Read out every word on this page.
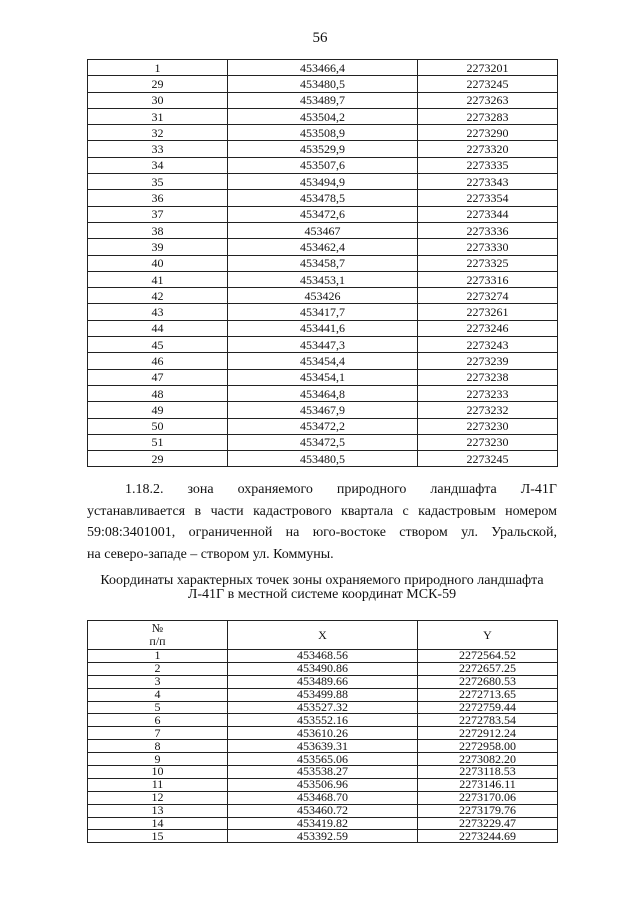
56
1	453466,4	2273201
29	453480,5	2273245
30	453489,7	2273263
31	453504,2	2273283
32	453508,9	2273290
33	453529,9	2273320
34	453507,6	2273335
35	453494,9	2273343
36	453478,5	2273354
37	453472,6	2273344
38	453467	2273336
39	453462,4	2273330
40	453458,7	2273325
41	453453,1	2273316
42	453426	2273274
43	453417,7	2273261
44	453441,6	2273246
45	453447,3	2273243
46	453454,4	2273239
47	453454,1	2273238
48	453464,8	2273233
49	453467,9	2273232
50	453472,2	2273230
51	453472,5	2273230
29	453480,5	2273245
1.18.2. зона охраняемого природного ландшафта Л-41Г
устанавливается в части кадастрового квартала с кадастровым номером
59:08:3401001, ограниченной на юго-востоке створом ул. Уральской,
на северо-западе – створом ул. Коммуны.
Координаты характерных точек зоны охраняемого природного ландшафта
Л-41Г в местной системе координат МСК-59
№
п/п	X	Y
1	453468.56	2272564.52
2	453490.86	2272657.25
3	453489.66	2272680.53
4	453499.88	2272713.65
5	453527.32	2272759.44
6	453552.16	2272783.54
7	453610.26	2272912.24
8	453639.31	2272958.00
9	453565.06	2273082.20
10	453538.27	2273118.53
11	453506.96	2273146.11
12	453468.70	2273170.06
13	453460.72	2273179.76
14	453419.82	2273229.47
15	453392.59	2273244.69
